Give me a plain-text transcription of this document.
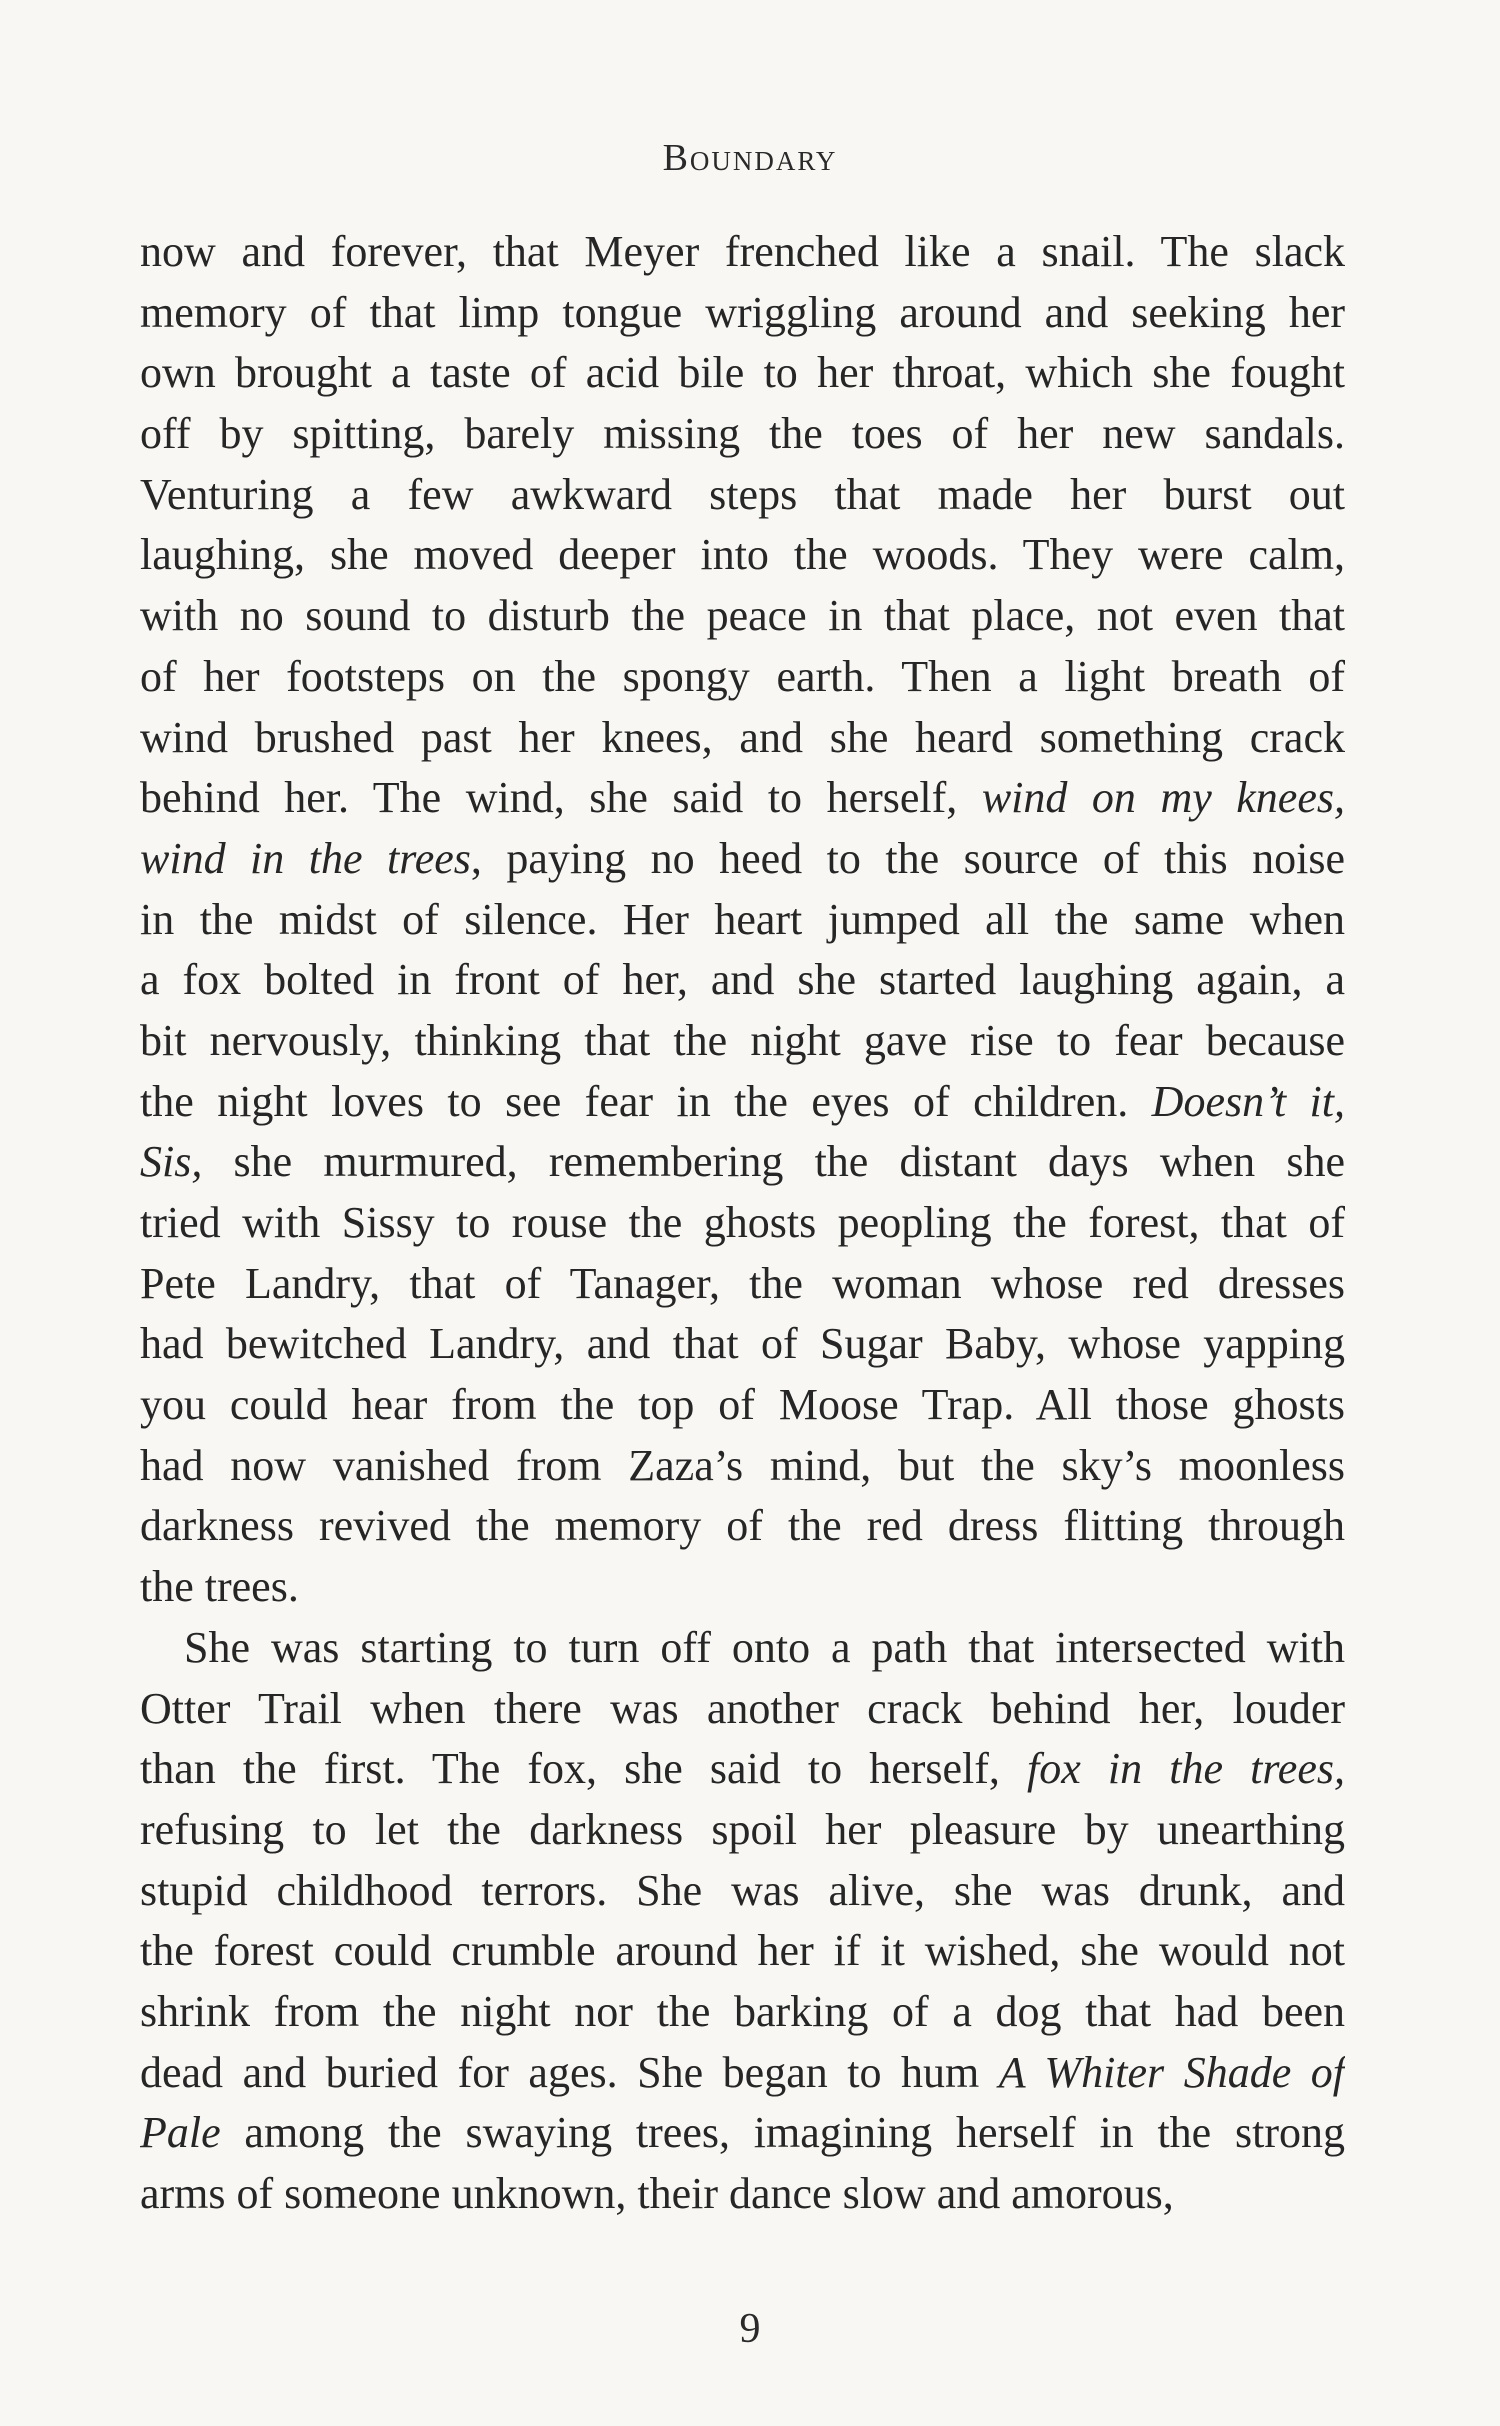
Boundary
now and forever, that Meyer frenched like a snail. The slack
memory of that limp tongue wriggling around and seeking her
own brought a taste of acid bile to her throat, which she fought
off by spitting, barely missing the toes of her new sandals.
Venturing a few awkward steps that made her burst out
laughing, she moved deeper into the woods. They were calm,
with no sound to disturb the peace in that place, not even that
of her footsteps on the spongy earth. Then a light breath of
wind brushed past her knees, and she heard something crack
behind her. The wind, she said to herself, wind on my knees,
wind in the trees, paying no heed to the source of this noise
in the midst of silence. Her heart jumped all the same when
a fox bolted in front of her, and she started laughing again, a
bit nervously, thinking that the night gave rise to fear because
the night loves to see fear in the eyes of children. Doesn’t it,
Sis, she murmured, remembering the distant days when she
tried with Sissy to rouse the ghosts peopling the forest, that of
Pete Landry, that of Tanager, the woman whose red dresses
had bewitched Landry, and that of Sugar Baby, whose yapping
you could hear from the top of Moose Trap. All those ghosts
had now vanished from Zaza’s mind, but the sky’s moonless
darkness revived the memory of the red dress flitting through
the trees.
She was starting to turn off onto a path that intersected with
Otter Trail when there was another crack behind her, louder
than the first. The fox, she said to herself, fox in the trees,
refusing to let the darkness spoil her pleasure by unearthing
stupid childhood terrors. She was alive, she was drunk, and
the forest could crumble around her if it wished, she would not
shrink from the night nor the barking of a dog that had been
dead and buried for ages. She began to hum A Whiter Shade of
Pale among the swaying trees, imagining herself in the strong
arms of someone unknown, their dance slow and amorous,
9
